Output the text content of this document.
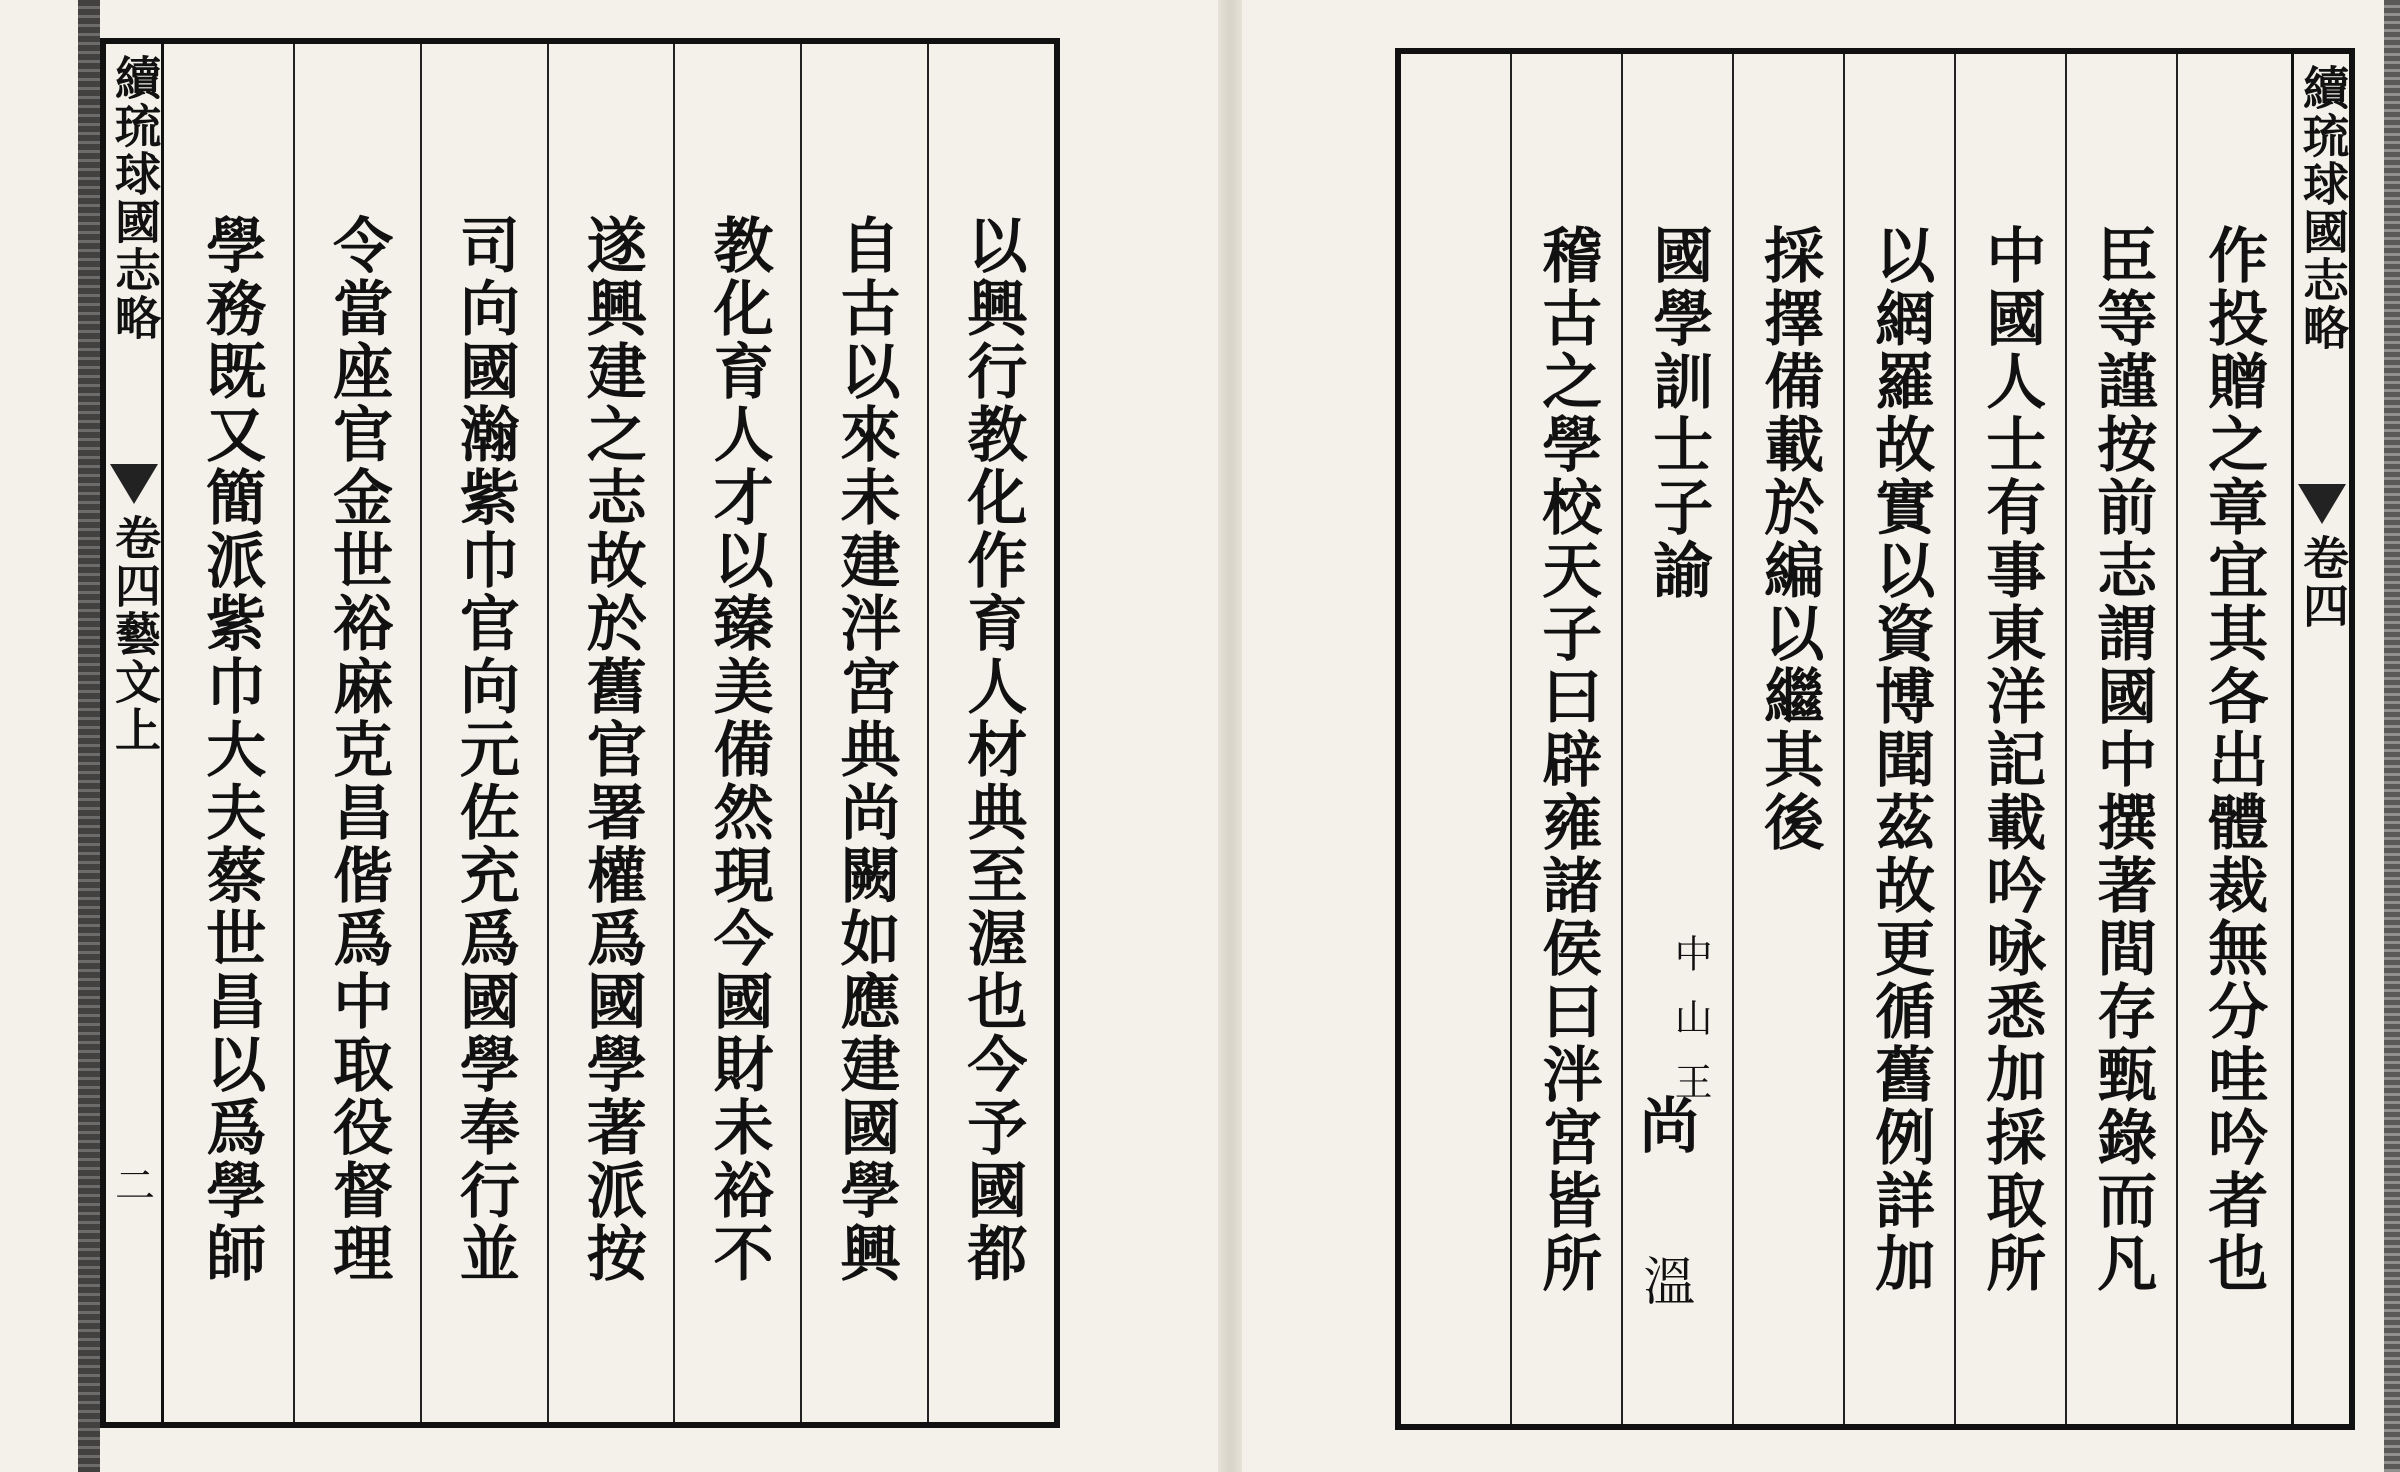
續琉球國志略
卷四藝文上
二	以興行教化作育人材典至渥也今予國都
自古以來未建泮宮典尚闕如應建國學興
教化育人才以臻美備然現今國財未裕不
遂興建之志故於舊官署權爲國學著派按
司向國瀚紫巾官向元佐充爲國學奉行並
令當座官金世裕麻克昌偕爲中取役督理
學務既又簡派紫巾大夫蔡世昌以爲學師
續琉球國志略
卷四
作投贈之章宜其各出體裁無分哇吟者也
臣等謹按前志謂國中撰著間存甄錄而凡
中國人士有事東洋記載吟咏悉加採取所
以網羅故實以資博聞茲故更循舊例詳加
採擇備載於編以繼其後
國學訓士子諭
中山王
尚
溫
稽古之學校天子曰辟雍諸侯曰泮宮皆所
